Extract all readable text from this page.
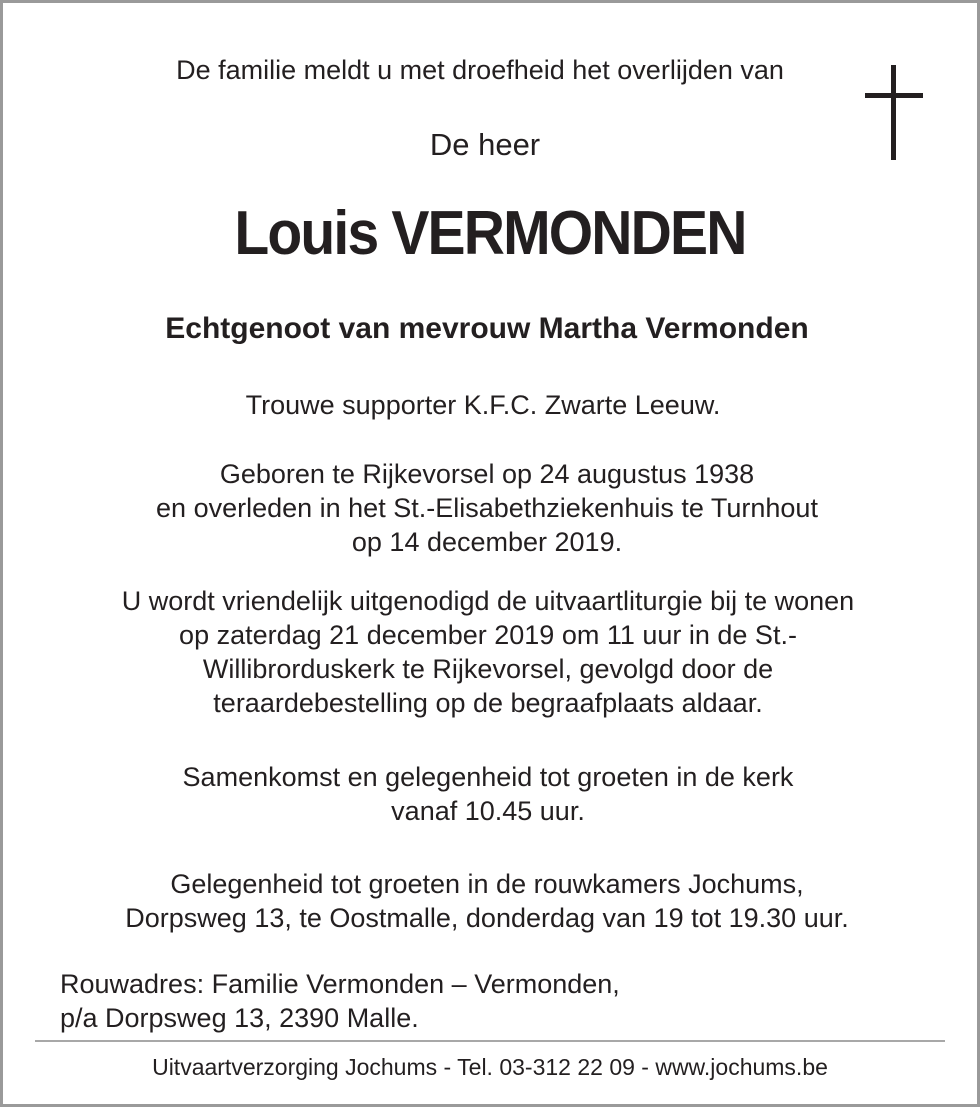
De familie meldt u met droefheid het overlijden van
De heer
Louis VERMONDEN
Echtgenoot van mevrouw Martha Vermonden
Trouwe supporter K.F.C. Zwarte Leeuw.
Geboren te Rijkevorsel op 24 augustus 1938
en overleden in het St.-Elisabethziekenhuis te Turnhout
op 14 december 2019.
U wordt vriendelijk uitgenodigd de uitvaartliturgie bij te wonen
op zaterdag 21 december 2019 om 11 uur in de St.-
Willibrorduskerk te Rijkevorsel, gevolgd door de
teraardebestelling op de begraafplaats aldaar.
Samenkomst en gelegenheid tot groeten in de kerk
vanaf 10.45 uur.
Gelegenheid tot groeten in de rouwkamers Jochums,
Dorpsweg 13, te Oostmalle, donderdag van 19 tot 19.30 uur.
Rouwadres: Familie Vermonden – Vermonden,
p/a Dorpsweg 13, 2390 Malle.
Uitvaartverzorging Jochums - Tel. 03-312 22 09 - www.jochums.be
